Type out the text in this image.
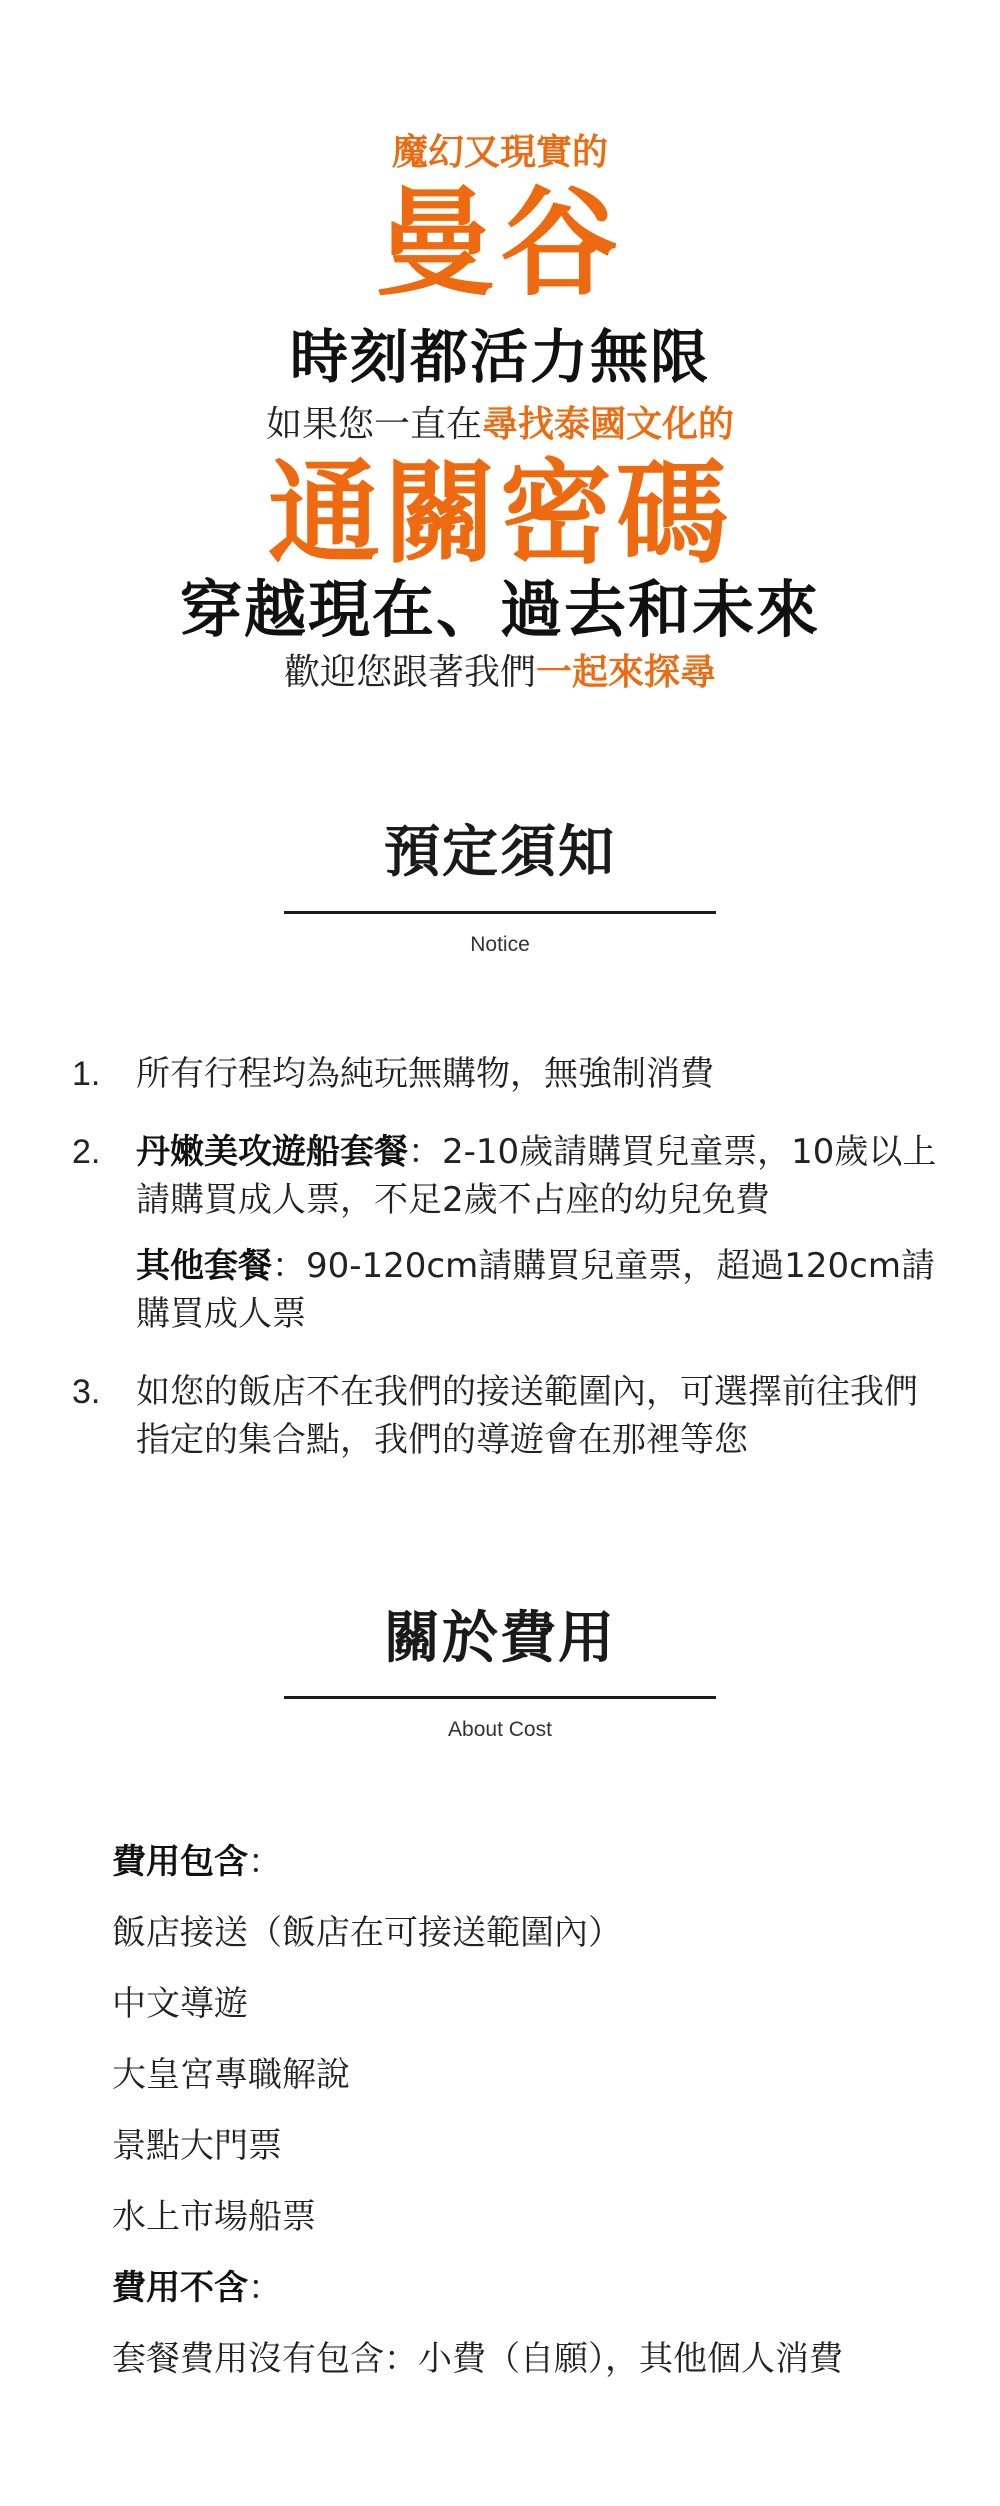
魔幻又現實的
曼谷
時刻都活力無限
如果您一直在尋找泰國文化的
通關密碼
穿越現在、過去和未來
歡迎您跟著我們一起來探尋
預定須知
Notice
1. 所有行程均為純玩無購物，無強制消費
2. 丹嫩美攻遊船套餐：2-10歲請購買兒童票，10歲以上請購買成人票，不足2歲不占座的幼兒免費
其他套餐：90-120cm請購買兒童票，超過120cm請購買成人票
3. 如您的飯店不在我們的接送範圍內，可選擇前往我們指定的集合點，我們的導遊會在那裡等您
關於費用
About Cost
費用包含：
飯店接送（飯店在可接送範圍內）
中文導遊
大皇宮專職解說
景點大門票
水上市場船票
費用不含：
套餐費用沒有包含：小費（自願），其他個人消費
